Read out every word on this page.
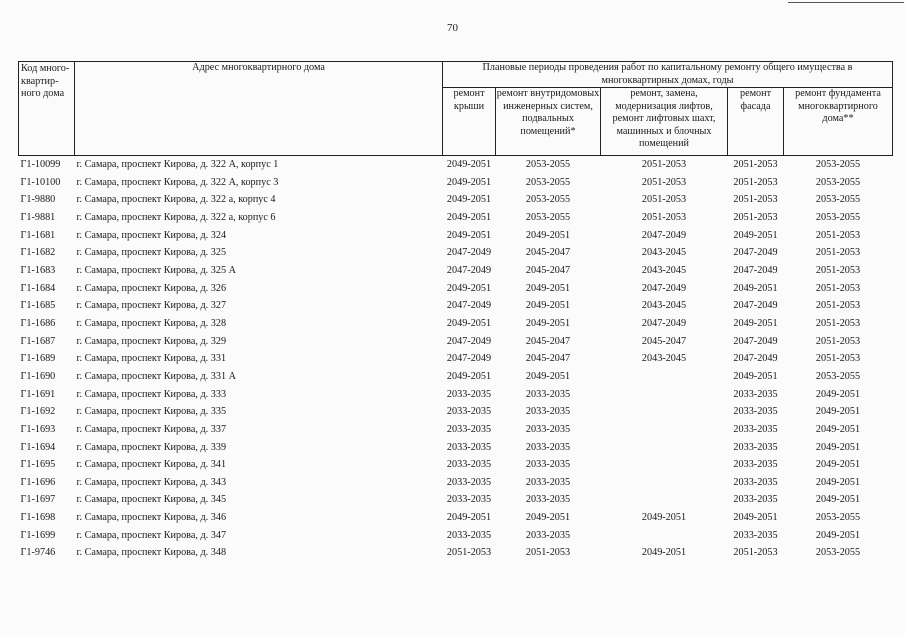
70
Код много-квартир-ного дома	Адрес многоквартирного дома	Плановые периоды проведения работ по капитальному ремонту общего имущества в многоквартирных домах, годы				
		ремонт крыши	ремонт внутридомовых инженерных систем, подвальных помещений*	ремонт, замена, модернизация лифтов, ремонт лифтовых шахт, машинных и блочных помещений	ремонт фасада	ремонт фундамента многоквартирного дома**
Г1-10099	г. Самара, проспект Кирова, д. 322 А, корпус 1	2049-2051	2053-2055	2051-2053	2051-2053	2053-2055
Г1-10100	г. Самара, проспект Кирова, д. 322 А, корпус 3	2049-2051	2053-2055	2051-2053	2051-2053	2053-2055
Г1-9880	г. Самара, проспект Кирова, д. 322 а, корпус 4	2049-2051	2053-2055	2051-2053	2051-2053	2053-2055
Г1-9881	г. Самара, проспект Кирова, д. 322 а, корпус 6	2049-2051	2053-2055	2051-2053	2051-2053	2053-2055
Г1-1681	г. Самара, проспект Кирова, д. 324	2049-2051	2049-2051	2047-2049	2049-2051	2051-2053
Г1-1682	г. Самара, проспект Кирова, д. 325	2047-2049	2045-2047	2043-2045	2047-2049	2051-2053
Г1-1683	г. Самара, проспект Кирова, д. 325 А	2047-2049	2045-2047	2043-2045	2047-2049	2051-2053
Г1-1684	г. Самара, проспект Кирова, д. 326	2049-2051	2049-2051	2047-2049	2049-2051	2051-2053
Г1-1685	г. Самара, проспект Кирова, д. 327	2047-2049	2049-2051	2043-2045	2047-2049	2051-2053
Г1-1686	г. Самара, проспект Кирова, д. 328	2049-2051	2049-2051	2047-2049	2049-2051	2051-2053
Г1-1687	г. Самара, проспект Кирова, д. 329	2047-2049	2045-2047	2045-2047	2047-2049	2051-2053
Г1-1689	г. Самара, проспект Кирова, д. 331	2047-2049	2045-2047	2043-2045	2047-2049	2051-2053
Г1-1690	г. Самара, проспект Кирова, д. 331 А	2049-2051	2049-2051		2049-2051	2053-2055
Г1-1691	г. Самара, проспект Кирова, д. 333	2033-2035	2033-2035		2033-2035	2049-2051
Г1-1692	г. Самара, проспект Кирова, д. 335	2033-2035	2033-2035		2033-2035	2049-2051
Г1-1693	г. Самара, проспект Кирова, д. 337	2033-2035	2033-2035		2033-2035	2049-2051
Г1-1694	г. Самара, проспект Кирова, д. 339	2033-2035	2033-2035		2033-2035	2049-2051
Г1-1695	г. Самара, проспект Кирова, д. 341	2033-2035	2033-2035		2033-2035	2049-2051
Г1-1696	г. Самара, проспект Кирова, д. 343	2033-2035	2033-2035		2033-2035	2049-2051
Г1-1697	г. Самара, проспект Кирова, д. 345	2033-2035	2033-2035		2033-2035	2049-2051
Г1-1698	г. Самара, проспект Кирова, д. 346	2049-2051	2049-2051	2049-2051	2049-2051	2053-2055
Г1-1699	г. Самара, проспект Кирова, д. 347	2033-2035	2033-2035		2033-2035	2049-2051
Г1-9746	г. Самара, проспект Кирова, д. 348	2051-2053	2051-2053	2049-2051	2051-2053	2053-2055
